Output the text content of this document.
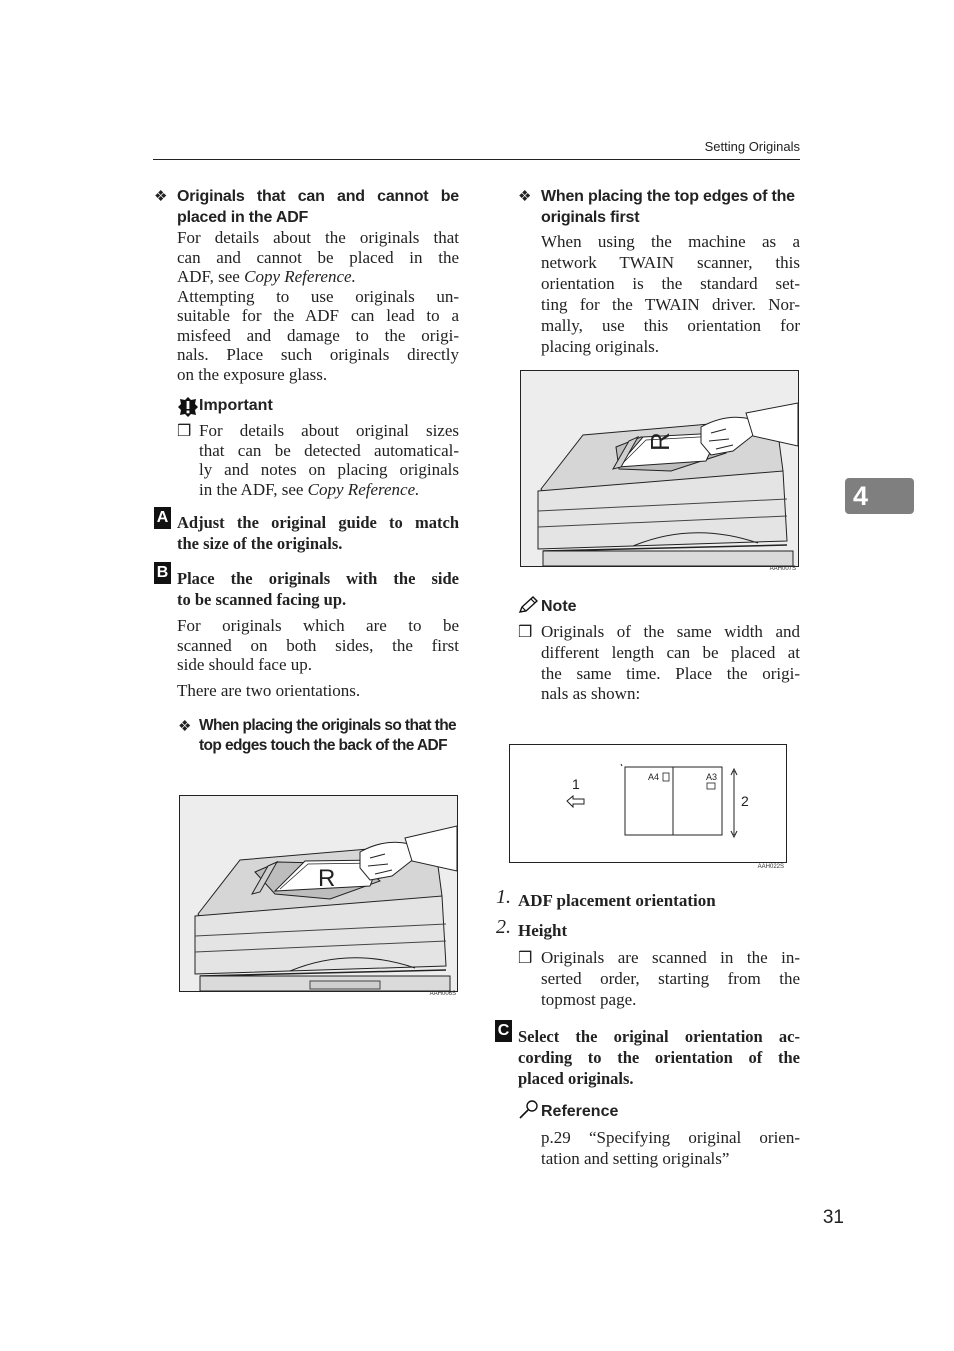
Setting Originals
4
❖ Originals that can and cannot be
placed in the ADF
For details about the originals that
can and cannot be placed in the
ADF, see Copy Reference.
Attempting to use originals un-
suitable for the ADF can lead to a
misfeed and damage to the origi-
nals. Place such originals directly
on the exposure glass.
Important
❒ For details about original sizes
that can be detected automatical-
ly and notes on placing originals
in the ADF, see Copy Reference.
A Adjust the original guide to match
the size of the originals.
B Place the originals with the side
to be scanned facing up.
For originals which are to be
scanned on both sides, the first
side should face up.
There are two orientations.
❖ When placing the originals so that the
top edges touch the back of the ADF
R
AAH006S
❖ When placing the top edges of the
originals first
When using the machine as a
network TWAIN scanner, this
orientation is the standard set-
ting for the TWAIN driver. Nor-
mally, use this orientation for
placing originals.
R
AAH007S
Note
❒ Originals of the same width and
different length can be placed at
the same time. Place the origi-
nals as shown:
1	A4	A3
2
AAH022S
1. ADF placement orientation
2. Height
❒ Originals are scanned in the in-
serted order, starting from the
topmost page.
C Select the original orientation ac-
cording to the orientation of the
placed originals.
Reference
p.29 “Specifying original orien-
tation and setting originals”
31
